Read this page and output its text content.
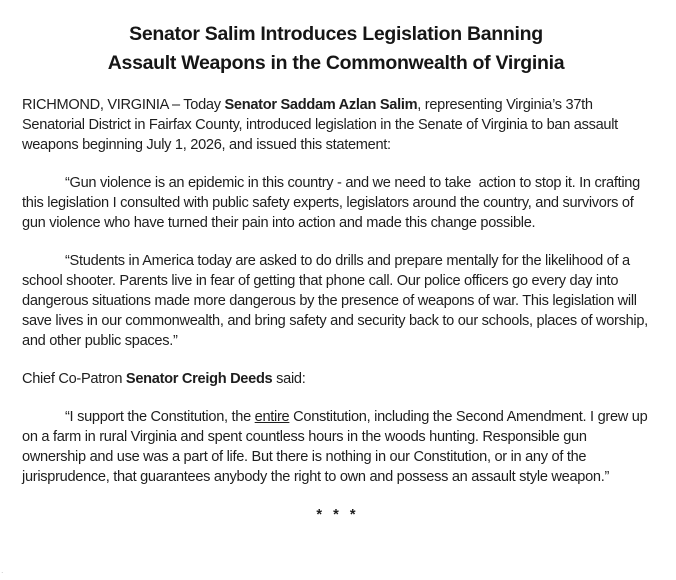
Senator Salim Introduces Legislation Banning
Assault Weapons in the Commonwealth of Virginia

RICHMOND, VIRGINIA – Today Senator Saddam Azlan Salim, representing Virginia’s 37th Senatorial District in Fairfax County, introduced legislation in the Senate of Virginia to ban assault weapons beginning July 1, 2026, and issued this statement:

“Gun violence is an epidemic in this country - and we need to take  action to stop it. In crafting this legislation I consulted with public safety experts, legislators around the country, and survivors of gun violence who have turned their pain into action and made this change possible.

“Students in America today are asked to do drills and prepare mentally for the likelihood of a school shooter. Parents live in fear of getting that phone call. Our police officers go every day into dangerous situations made more dangerous by the presence of weapons of war. This legislation will save lives in our commonwealth, and bring safety and security back to our schools, places of worship, and other public spaces.”

Chief Co-Patron Senator Creigh Deeds said:

“I support the Constitution, the entire Constitution, including the Second Amendment. I grew up on a farm in rural Virginia and spent countless hours in the woods hunting. Responsible gun ownership and use was a part of life. But there is nothing in our Constitution, or in any of the jurisprudence, that guarantees anybody the right to own and possess an assault style weapon.”

* * *
.
